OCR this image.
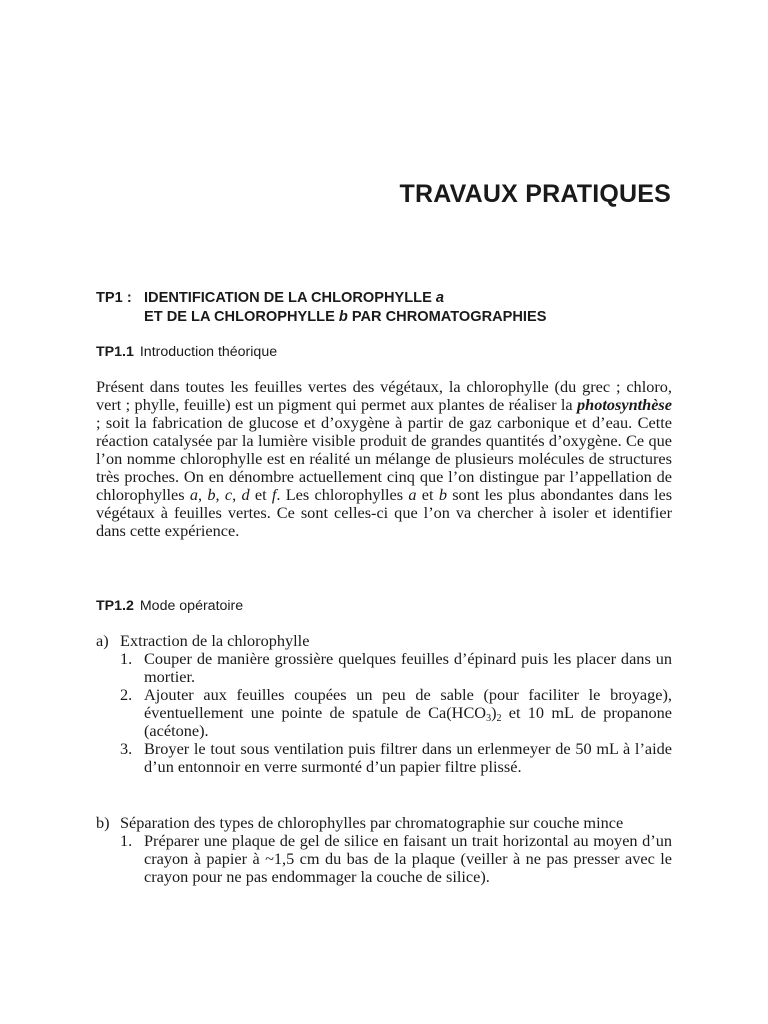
TRAVAUX PRATIQUES
TP1 : IDENTIFICATION DE LA CHLOROPHYLLE a
ET DE LA CHLOROPHYLLE b PAR CHROMATOGRAPHIES
TP1.1 Introduction théorique

Présent dans toutes les feuilles vertes des végétaux, la chlorophylle (du grec ; chloro, vert ; phylle, feuille) est un pigment qui permet aux plantes de réaliser la photosynthèse ; soit la fabrication de glucose et d’oxygène à partir de gaz carbonique et d’eau. Cette réaction catalysée par la lumière visible produit de grandes quantités d’oxygène. Ce que l’on nomme chlorophylle est en réalité un mélange de plusieurs molécules de structures très proches. On en dénombre actuellement cinq que l’on distingue par l’appellation de chlorophylles a, b, c, d et f. Les chlorophylles a et b sont les plus abondantes dans les végétaux à feuilles vertes. Ce sont celles-ci que l’on va chercher à isoler et identifier dans cette expérience.

TP1.2 Mode opératoire
a) Extraction de la chlorophylle
1. Couper de manière grossière quelques feuilles d’épinard puis les placer dans un mortier.
2. Ajouter aux feuilles coupées un peu de sable (pour faciliter le broyage), éventuellement une pointe de spatule de $Ca(HCO_3)_2$ et 10 mL de propanone (acétone).
3. Broyer le tout sous ventilation puis filtrer dans un erlenmeyer de 50 mL à l’aide d’un entonnoir en verre surmonté d’un papier filtre plissé.
b) Séparation des types de chlorophylles par chromatographie sur couche mince
1. Préparer une plaque de gel de silice en faisant un trait horizontal au moyen d’un crayon à papier à ~1,5 cm du bas de la plaque (veiller à ne pas presser avec le crayon pour ne pas endommager la couche de silice).
